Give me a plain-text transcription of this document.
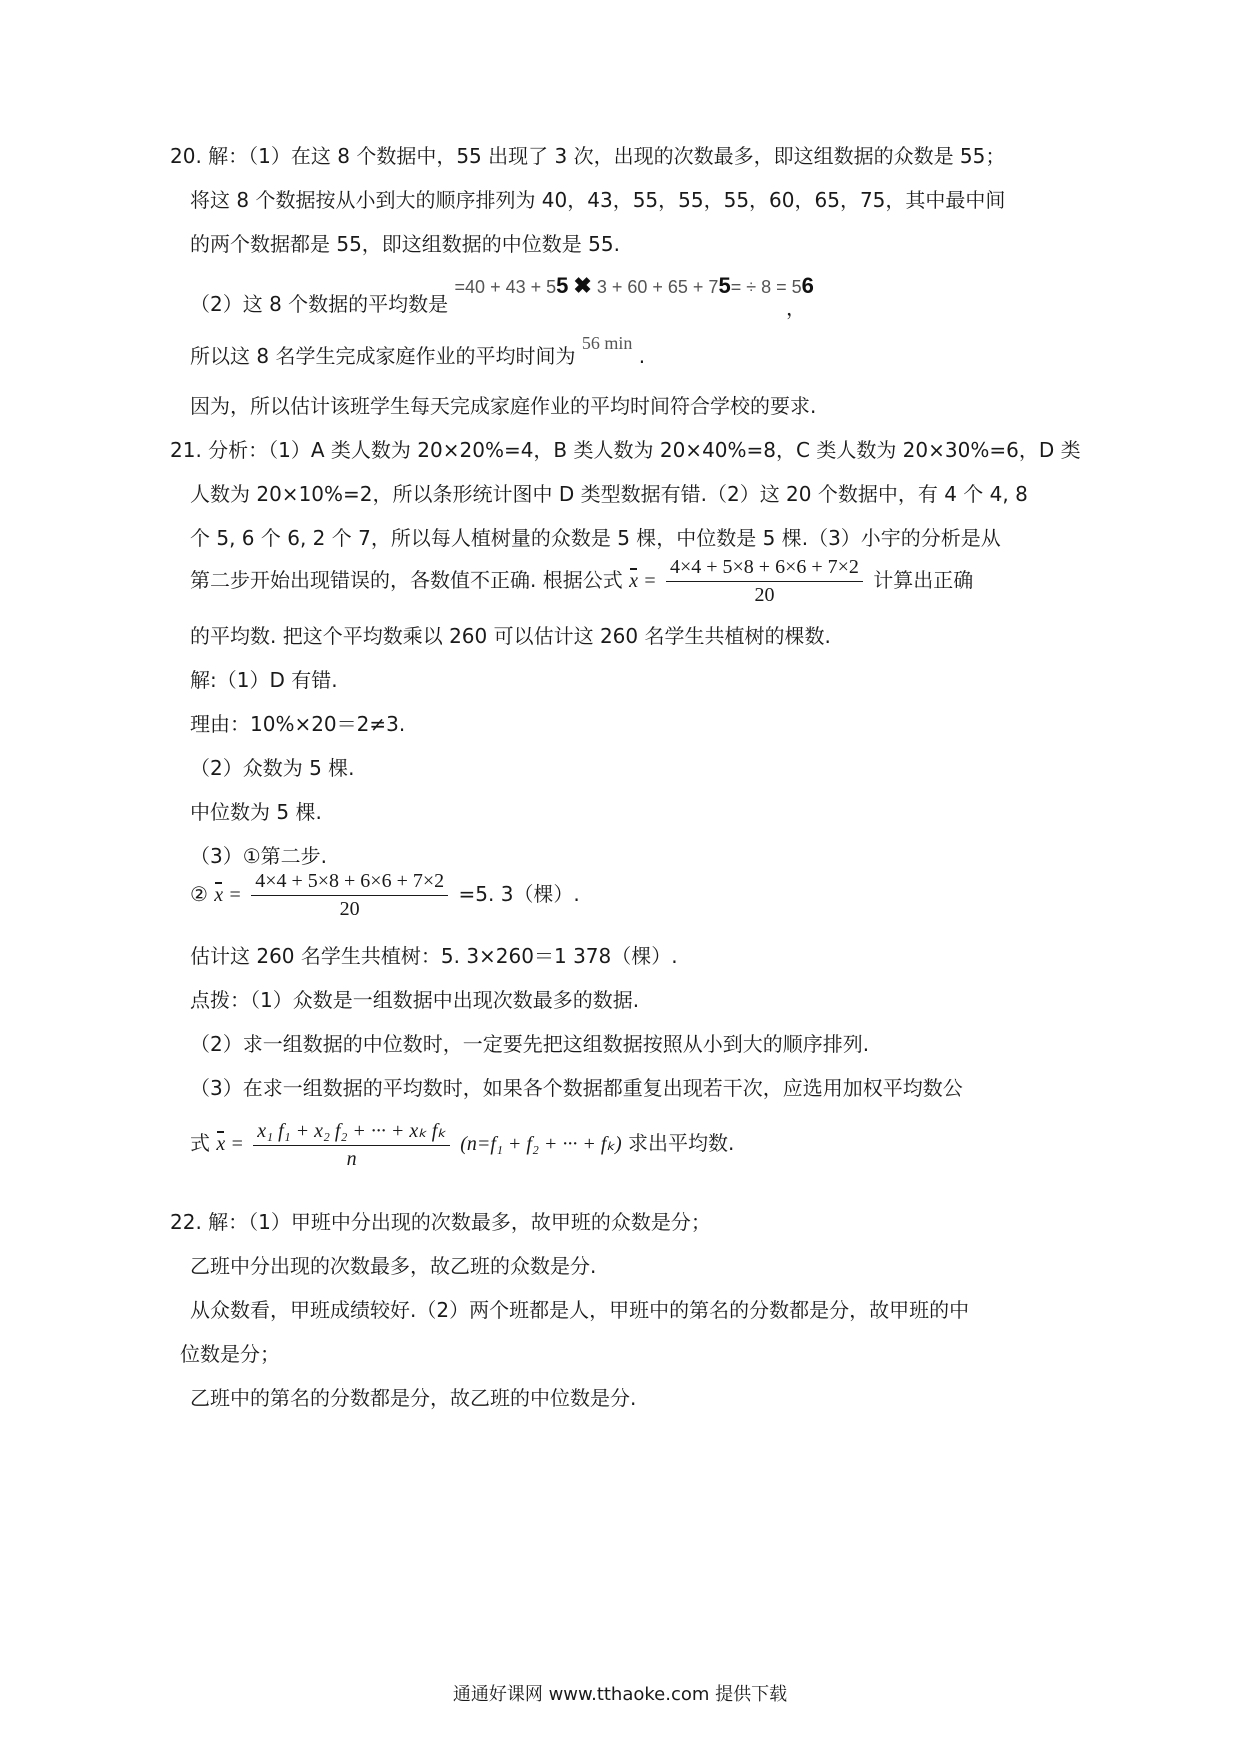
20. 解：（1）在这 8 个数据中，55 出现了 3 次，出现的次数最多，即这组数据的众数是 55；
将这 8 个数据按从小到大的顺序排列为 40，43，55，55，55，60，65，75，其中最中间
的两个数据都是 55，即这组数据的中位数是 55.
（2）这 8 个数据的平均数是 =40 + 43 + 55 ✖ 3 + 60 + 65 + 75= ÷ 8 = 56
，
所以这 8 名学生完成家庭作业的平均时间为 56 min .
因为，所以估计该班学生每天完成家庭作业的平均时间符合学校的要求.
21. 分析：（1）A 类人数为 20×20%=4，B 类人数为 20×40%=8，C 类人数为 20×30%=6，D 类
人数为 20×10%=2，所以条形统计图中 D 类型数据有错.（2）这 20 个数据中，有 4 个 4, 8
个 5, 6 个 6, 2 个 7，所以每人植树量的众数是 5 棵，中位数是 5 棵.（3）小宇的分析是从
第二步开始出现错误的，各数值不正确. 根据公式 $x = \frac{4\times 4 + 5\times 8 + 6\times 6 + 7\times 2}{20}$ 计算出正确
的平均数. 把这个平均数乘以 260 可以估计这 260 名学生共植树的棵数.
解:（1）D 有错.
理由：10%×20＝2≠3.
（2）众数为 5 棵.
中位数为 5 棵.
（3）①第二步.
② $x = \frac{4\times 4 + 5\times 8 + 6\times 6 + 7\times 2}{20} =5$. 3（棵）.
估计这 260 名学生共植树：5. 3×260＝1 378（棵）.
点拨：（1）众数是一组数据中出现次数最多的数据.
（2）求一组数据的中位数时，一定要先把这组数据按照从小到大的顺序排列.
（3）在求一组数据的平均数时，如果各个数据都重复出现若干次，应选用加权平均数公
式 $x = \frac{\text{x₁ f₁ + x₂ f₂ + ··· + xₖ fₖ}}{n} (n=f_1 + f_2$ + ··· + fₖ) 求出平均数.
22. 解：（1）甲班中分出现的次数最多，故甲班的众数是分；
乙班中分出现的次数最多，故乙班的众数是分.
从众数看，甲班成绩较好.（2）两个班都是人，甲班中的第名的分数都是分，故甲班的中
位数是分；
乙班中的第名的分数都是分，故乙班的中位数是分.
通通好课网 www.tthaoke.com 提供下载
